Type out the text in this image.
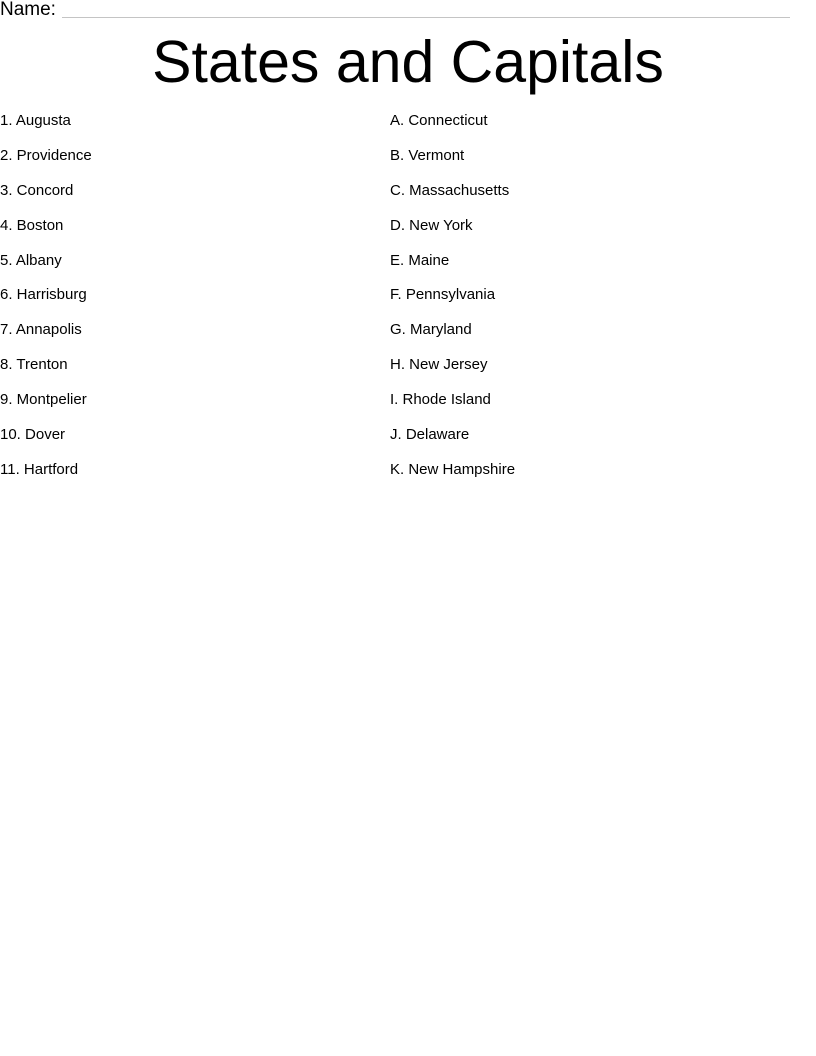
Name:
States and Capitals
1. Augusta
2. Providence
3. Concord
4. Boston
5. Albany
6. Harrisburg
7. Annapolis
8. Trenton
9. Montpelier
10. Dover
11. Hartford
A. Connecticut
B. Vermont
C. Massachusetts
D. New York
E. Maine
F. Pennsylvania
G. Maryland
H. New Jersey
I. Rhode Island
J. Delaware
K. New Hampshire
